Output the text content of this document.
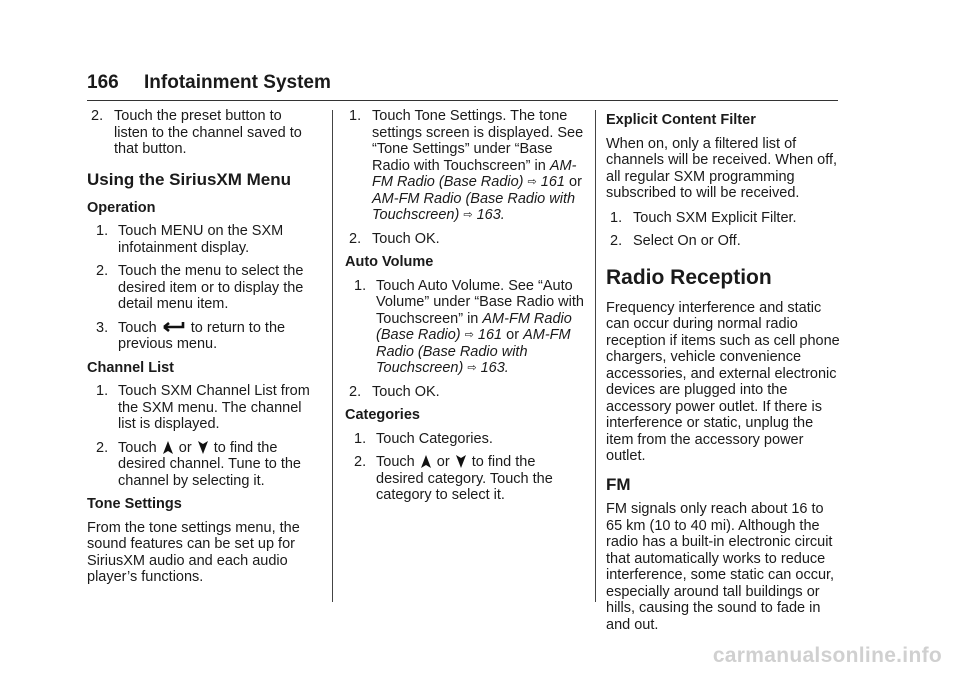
166 Infotainment System
2. Touch the preset button to listen to the channel saved to that button.
Using the SiriusXM Menu

Operation

1. Touch MENU on the SXM infotainment display.
2. Touch the menu to select the desired item or to display the detail menu item.
3. Touch to return to the previous menu.

Channel List

1. Touch SXM Channel List from the SXM menu. The channel list is displayed.
2. Touch or to find the desired channel. Tune to the channel by selecting it.

Tone Settings

From the tone settings menu, the sound features can be set up for SiriusXM audio and each audio player’s functions.

1. Touch Tone Settings. The tone settings screen is displayed. See “Tone Settings” under “Base Radio with Touchscreen” in AM-FM Radio (Base Radio) ⇨ 161 or AM-FM Radio (Base Radio with Touchscreen) ⇨ 163.
2. Touch OK.

Auto Volume

1. Touch Auto Volume. See “Auto Volume” under “Base Radio with Touchscreen” in AM-FM Radio (Base Radio) ⇨ 161 or AM-FM Radio (Base Radio with Touchscreen) ⇨ 163.
2. Touch OK.

Categories

1. Touch Categories.
2. Touch or to find the desired category. Touch the category to select it.

Explicit Content Filter

When on, only a filtered list of channels will be received. When off, all regular SXM programming subscribed to will be received.

1. Touch SXM Explicit Filter.
2. Select On or Off.
Radio Reception

Frequency interference and static can occur during normal radio reception if items such as cell phone chargers, vehicle convenience accessories, and external electronic devices are plugged into the accessory power outlet. If there is interference or static, unplug the item from the accessory power outlet.

FM

FM signals only reach about 16 to 65 km (10 to 40 mi). Although the radio has a built-in electronic circuit that automatically works to reduce interference, some static can occur, especially around tall buildings or hills, causing the sound to fade in and out.

carmanualsonline.info
